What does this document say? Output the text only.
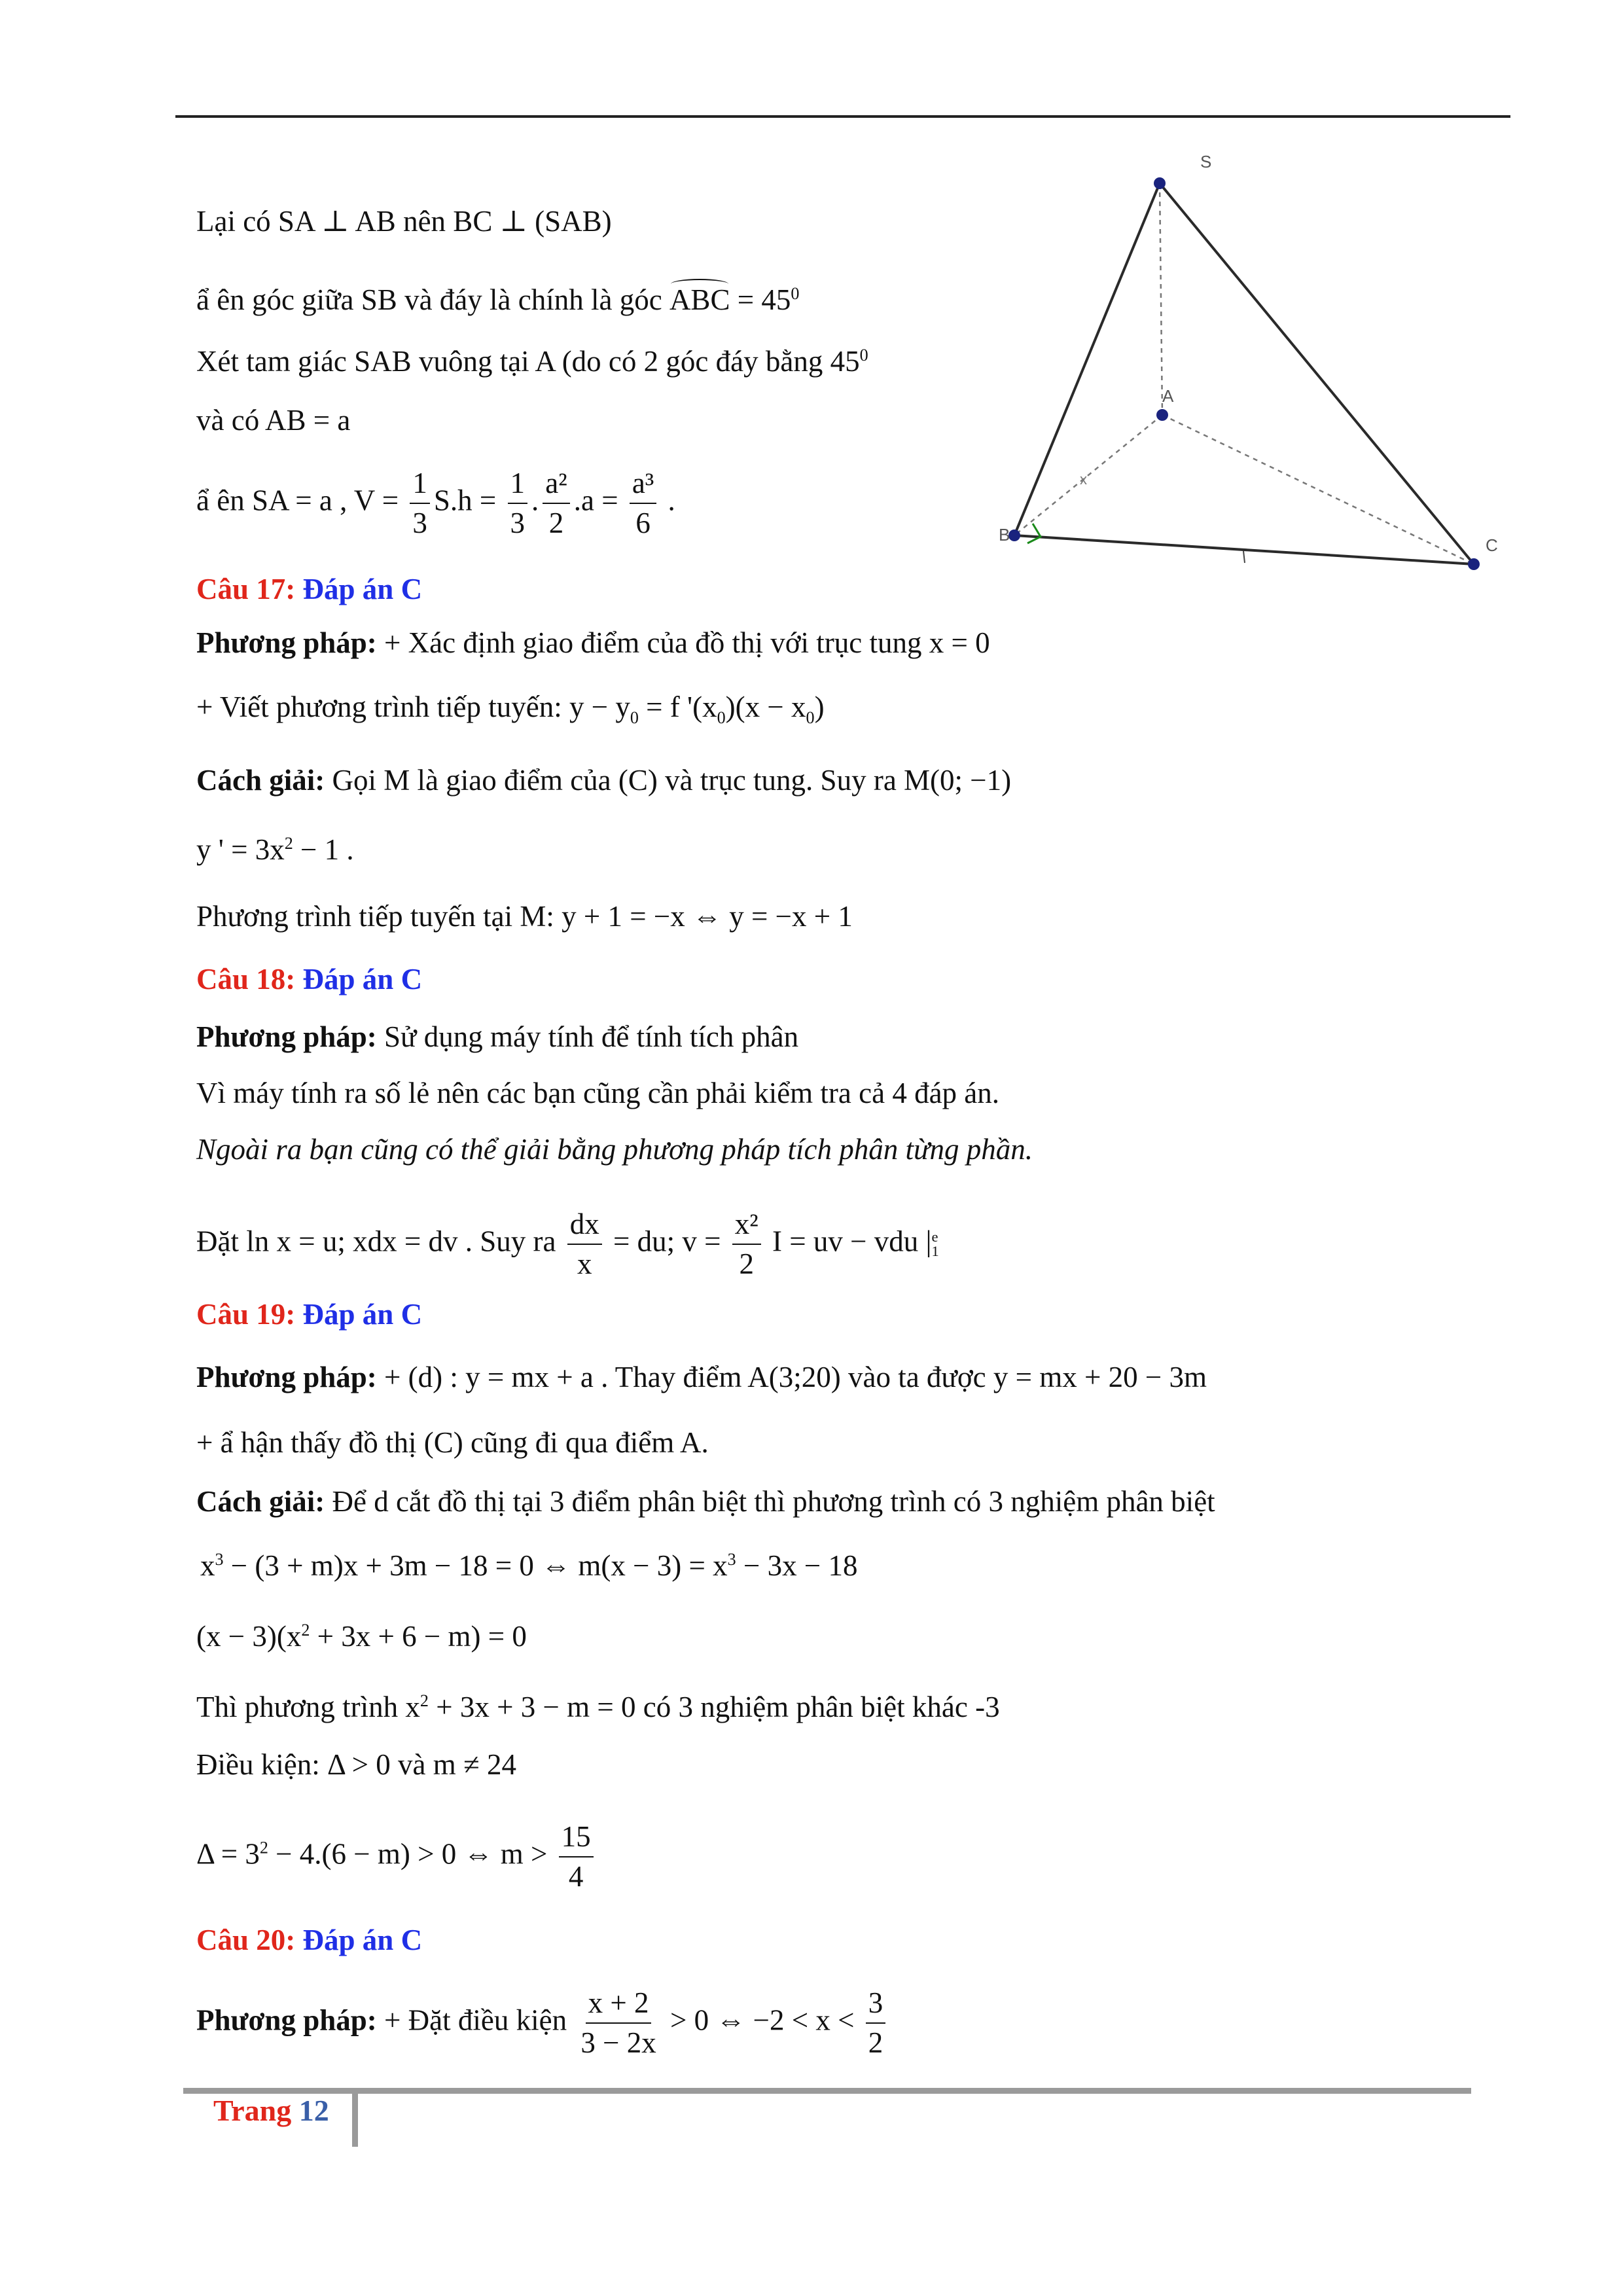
S
A
C
B
x
Lại có SA ⊥ AB nên BC ⊥ (SAB)
ẩ ên góc giữa SB và đáy là chính là góc ABC = $45^0$
Xét tam giác SAB vuông tại A (do có 2 góc đáy bằng $45^0$
và có AB = a
ẩ ên SA = a , $V = \frac{1}{3} S.h = \frac{1}{3}$ . $\frac{\text{a²}}{2} .a = \frac{\text{a³}}{6}$ .
Câu 17: Đáp án C
Phương pháp: + Xác định giao điểm của đồ thị với trục tung x = 0
+ Viết phương trình tiếp tuyến: $y - y_0 = f$ '$(x_0)(x - x_0)$
Cách giải: Gọi M là giao điểm của (C) và trục tung. Suy ra M(0; −1)
y ' = $3x^2 - 1$ .
Phương trình tiếp tuyến tại M: y + 1 = −x ⇔ y = −x + 1
Câu 18: Đáp án C
Phương pháp: Sử dụng máy tính để tính tích phân
Vì máy tính ra số lẻ nên các bạn cũng cần phải kiểm tra cả 4 đáp án.
Ngoài ra bạn cũng có thể giải bằng phương pháp tích phân từng phần.
Đặt ln x = u; xdx = dv . Suy ra $\frac{dx}{x}$ = du; $v = \frac{\text{x²}}{2}$ I = uv − vdu | e
1
Câu 19: Đáp án C
Phương pháp: + (d) : y = mx + a . Thay điểm A(3;20) vào ta được y = mx + 20 − 3m
+ ẩ hận thấy đồ thị (C) cũng đi qua điểm A.
Cách giải: Để d cắt đồ thị tại 3 điểm phân biệt thì phương trình có 3 nghiệm phân biệt
$x^3 - (3 + m)x + 3m - 18 = 0$ ⇔ $m(x - 3) = x^3 - 3x - 18$
$(x - 3)(x^2 + 3x + 6 - m) = 0$
Thì phương trình $x^2 + 3x + 3 - m = 0$ có 3 nghiệm phân biệt khác -3
Điều kiện: Δ > 0 và m ≠ 24
$\Delta = 3^2 - 4.(6 - m) > 0$ ⇔ $m > \frac{15}{4}$
Câu 20: Đáp án C
Phương pháp: + Đặt điều kiện $\frac{x + 2}{3 - 2x} > 0$ ⇔ $-2 < x < \frac{3}{2}$
Trang 12
